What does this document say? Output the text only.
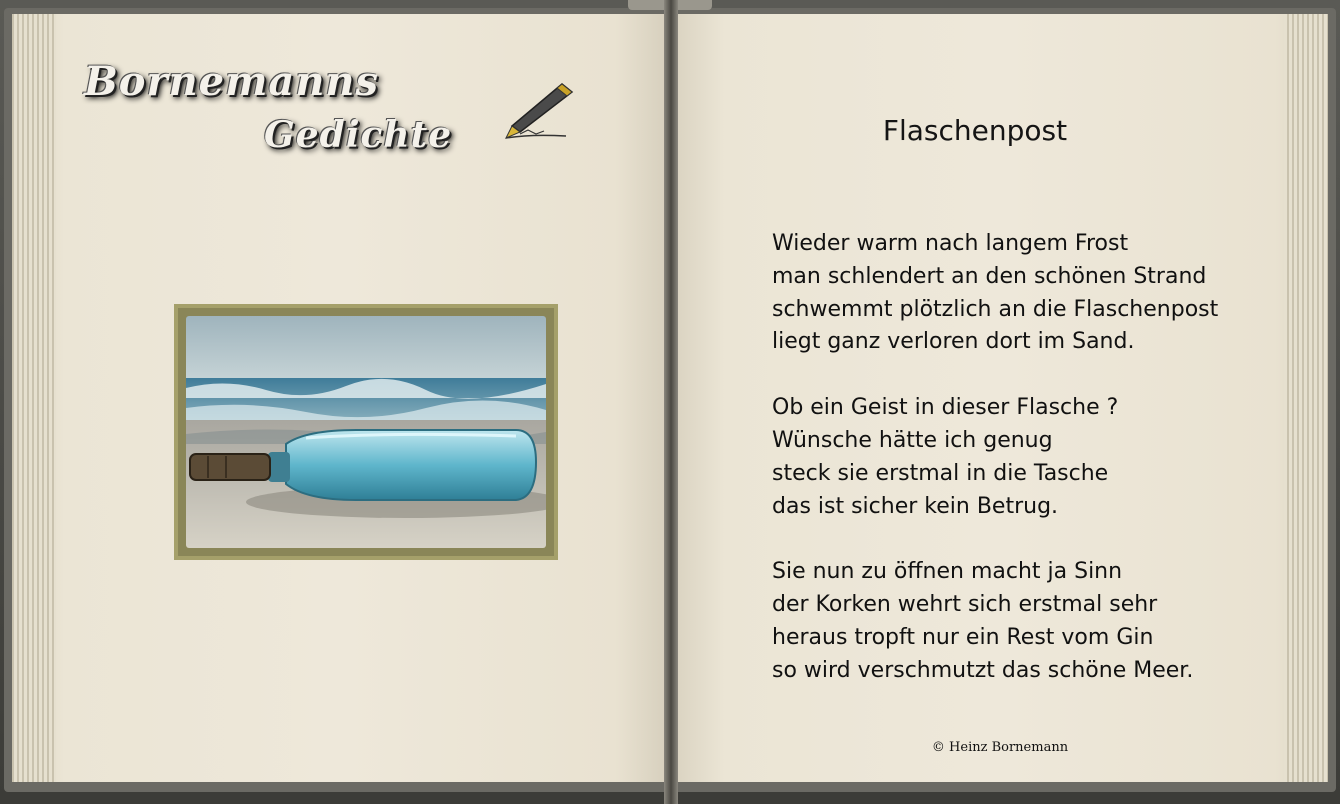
Bornemanns
Gedichte	Flaschenpost
Wieder warm nach langem Frost
man schlendert an den schönen Strand
schwemmt plötzlich an die Flaschenpost
liegt ganz verloren dort im Sand.
Ob ein Geist in dieser Flasche ?
Wünsche hätte ich genug
steck sie erstmal in die Tasche
das ist sicher kein Betrug.
Sie nun zu öffnen macht ja Sinn
der Korken wehrt sich erstmal sehr
heraus tropft nur ein Rest vom Gin
so wird verschmutzt das schöne Meer.
© Heinz Bornemann
